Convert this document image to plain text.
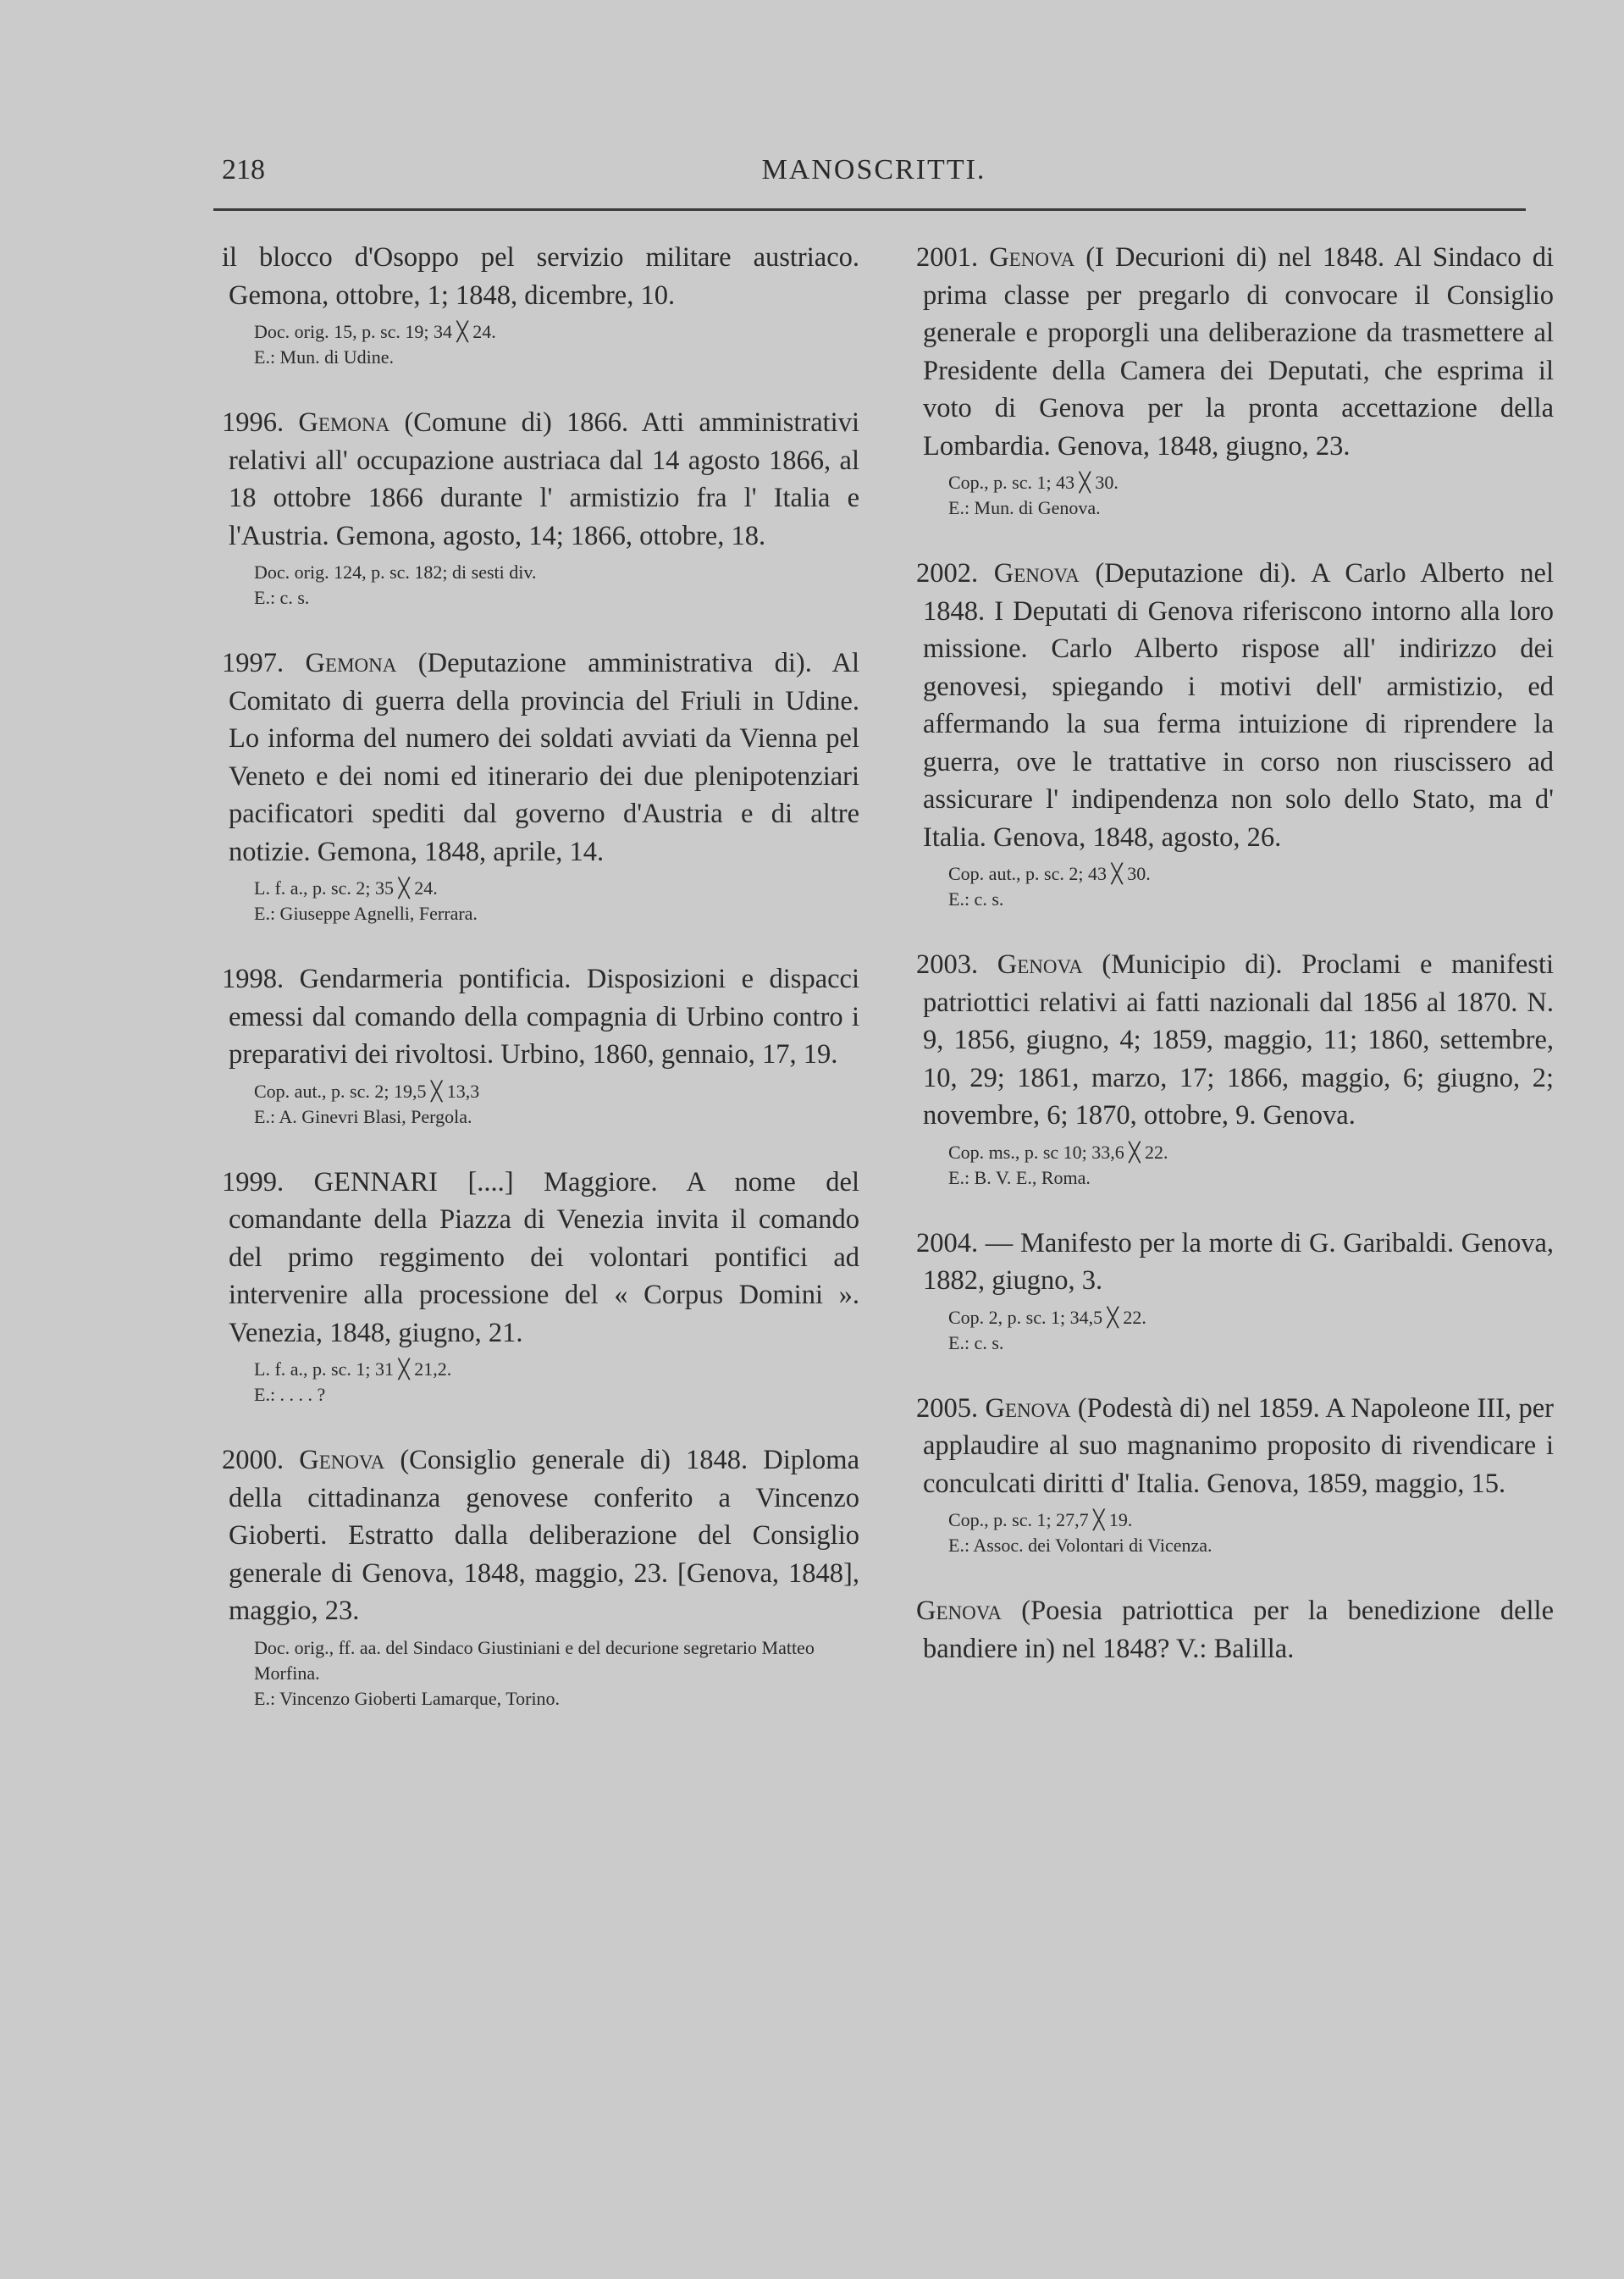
218	MANOSCRITTI.

il blocco d'Osoppo pel servizio militare austriaco. Gemona, ottobre, 1; 1848, dicembre, 10.

Doc. orig. 15, p. sc. 19; 34 ╳ 24.

E.: Mun. di Udine.

1996. Gemona (Comune di) 1866. Atti amministrativi relativi all' occupazione austriaca dal 14 agosto 1866, al 18 ottobre 1866 durante l' armistizio fra l' Italia e l'Austria. Gemona, agosto, 14; 1866, ottobre, 18.

Doc. orig. 124, p. sc. 182; di sesti div.

E.: c. s.

1997. Gemona (Deputazione amministrativa di). Al Comitato di guerra della provincia del Friuli in Udine. Lo informa del numero dei soldati avviati da Vienna pel Veneto e dei nomi ed itinerario dei due plenipotenziari pacificatori spediti dal governo d'Austria e di altre notizie. Gemona, 1848, aprile, 14.

L. f. a., p. sc. 2; 35 ╳ 24.

E.: Giuseppe Agnelli, Ferrara.

1998. Gendarmeria pontificia. Disposizioni e dispacci emessi dal comando della compagnia di Urbino contro i preparativi dei rivoltosi. Urbino, 1860, gennaio, 17, 19.

Cop. aut., p. sc. 2; 19,5 ╳ 13,3

E.: A. Ginevri Blasi, Pergola.

1999. GENNARI [....] Maggiore. A nome del comandante della Piazza di Venezia invita il comando del primo reggimento dei volontari pontifici ad intervenire alla processione del « Corpus Domini ». Venezia, 1848, giugno, 21.

L. f. a., p. sc. 1; 31 ╳ 21,2.

E.: . . . . ?

2000. Genova (Consiglio generale di) 1848. Diploma della cittadinanza genovese conferito a Vincenzo Gioberti. Estratto dalla deliberazione del Consiglio generale di Genova, 1848, maggio, 23. [Genova, 1848], maggio, 23.

Doc. orig., ff. aa. del Sindaco Giustiniani e del decurione segretario Matteo Morfina.

E.: Vincenzo Gioberti Lamarque, Torino.

2001. Genova (I Decurioni di) nel 1848. Al Sindaco di prima classe per pregarlo di convocare il Consiglio generale e proporgli una deliberazione da trasmettere al Presidente della Camera dei Deputati, che esprima il voto di Genova per la pronta accettazione della Lombardia. Genova, 1848, giugno, 23.

Cop., p. sc. 1; 43 ╳ 30.

E.: Mun. di Genova.

2002. Genova (Deputazione di). A Carlo Alberto nel 1848. I Deputati di Genova riferiscono intorno alla loro missione. Carlo Alberto rispose all' indirizzo dei genovesi, spiegando i motivi dell' armistizio, ed affermando la sua ferma intuizione di riprendere la guerra, ove le trattative in corso non riuscissero ad assicurare l' indipendenza non solo dello Stato, ma d' Italia. Genova, 1848, agosto, 26.

Cop. aut., p. sc. 2; 43 ╳ 30.

E.: c. s.

2003. Genova (Municipio di). Proclami e manifesti patriottici relativi ai fatti nazionali dal 1856 al 1870. N. 9, 1856, giugno, 4; 1859, maggio, 11; 1860, settembre, 10, 29; 1861, marzo, 17; 1866, maggio, 6; giugno, 2; novembre, 6; 1870, ottobre, 9. Genova.

Cop. ms., p. sc 10; 33,6 ╳ 22.

E.: B. V. E., Roma.

2004. — Manifesto per la morte di G. Garibaldi. Genova, 1882, giugno, 3.

Cop. 2, p. sc. 1; 34,5 ╳ 22.

E.: c. s.

2005. Genova (Podestà di) nel 1859. A Napoleone III, per applaudire al suo magnanimo proposito di rivendicare i conculcati diritti d' Italia. Genova, 1859, maggio, 15.

Cop., p. sc. 1; 27,7 ╳ 19.

E.: Assoc. dei Volontari di Vicenza.

Genova (Poesia patriottica per la benedizione delle bandiere in) nel 1848? V.: Balilla.
